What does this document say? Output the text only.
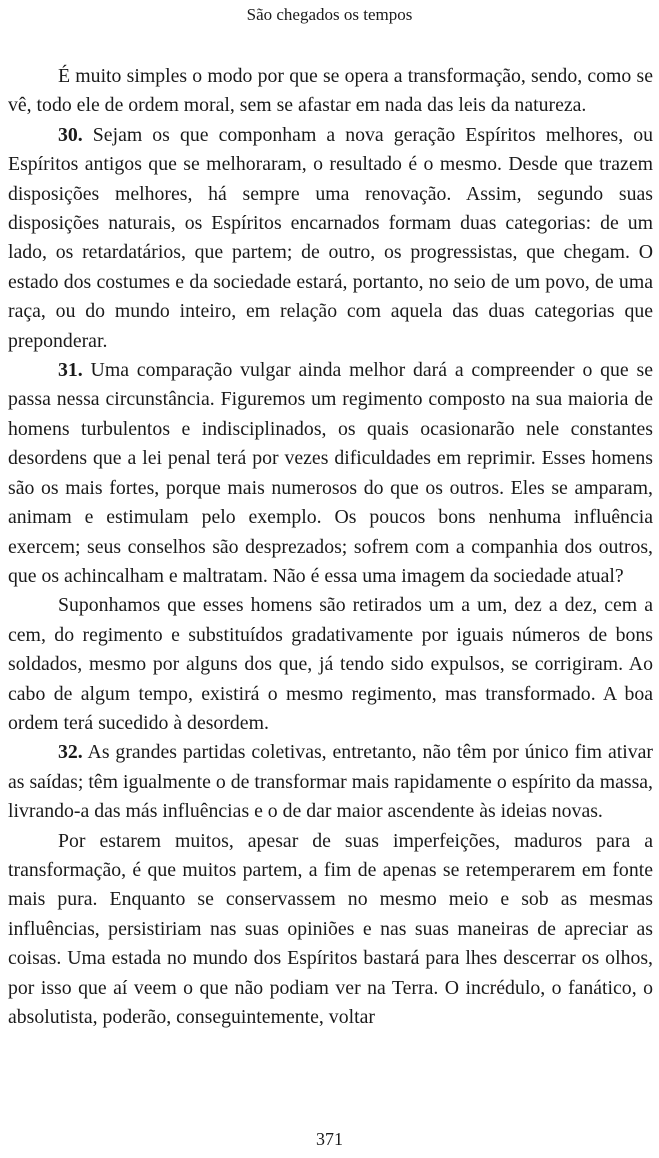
São chegados os tempos

É muito simples o modo por que se opera a transformação, sendo, como se vê, todo ele de ordem moral, sem se afastar em nada das leis da natureza.

30. Sejam os que componham a nova geração Espíritos melhores, ou Espíritos antigos que se melhoraram, o resultado é o mesmo. Desde que trazem disposições melhores, há sempre uma renovação. Assim, segundo suas disposições naturais, os Espíritos encarnados formam duas categorias: de um lado, os retardatários, que partem; de outro, os progressistas, que chegam. O estado dos costumes e da sociedade estará, portanto, no seio de um povo, de uma raça, ou do mundo inteiro, em relação com aquela das duas categorias que preponderar.

31. Uma comparação vulgar ainda melhor dará a compreender o que se passa nessa circunstância. Figuremos um regimento composto na sua maioria de homens turbulentos e indisciplinados, os quais ocasionarão nele constantes desordens que a lei penal terá por vezes dificuldades em reprimir. Esses homens são os mais fortes, porque mais numerosos do que os outros. Eles se amparam, animam e estimulam pelo exemplo. Os poucos bons nenhuma influência exercem; seus conselhos são desprezados; sofrem com a companhia dos outros, que os achincalham e maltratam. Não é essa uma imagem da sociedade atual?

Suponhamos que esses homens são retirados um a um, dez a dez, cem a cem, do regimento e substituídos gradativamente por iguais números de bons soldados, mesmo por alguns dos que, já tendo sido expulsos, se corrigiram. Ao cabo de algum tempo, existirá o mesmo regimento, mas transformado. A boa ordem terá sucedido à desordem.

32. As grandes partidas coletivas, entretanto, não têm por único fim ativar as saídas; têm igualmente o de transformar mais rapidamente o espírito da massa, livrando-a das más influências e o de dar maior ascendente às ideias novas.

Por estarem muitos, apesar de suas imperfeições, maduros para a transformação, é que muitos partem, a fim de apenas se retemperarem em fonte mais pura. Enquanto se conservassem no mesmo meio e sob as mesmas influências, persistiriam nas suas opiniões e nas suas maneiras de apreciar as coisas. Uma estada no mundo dos Espíritos bastará para lhes descerrar os olhos, por isso que aí veem o que não podiam ver na Terra. O incrédulo, o fanático, o absolutista, poderão, conseguintemente, voltar

371
